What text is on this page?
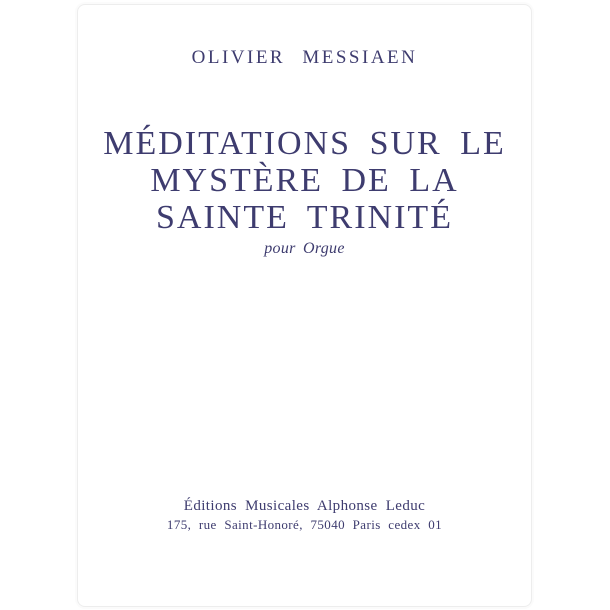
OLIVIER MESSIAEN
MÉDITATIONS SUR LE
MYSTÈRE DE LA
SAINTE TRINITÉ
pour Orgue
Éditions Musicales Alphonse Leduc
175, rue Saint-Honoré, 75040 Paris cedex 01
